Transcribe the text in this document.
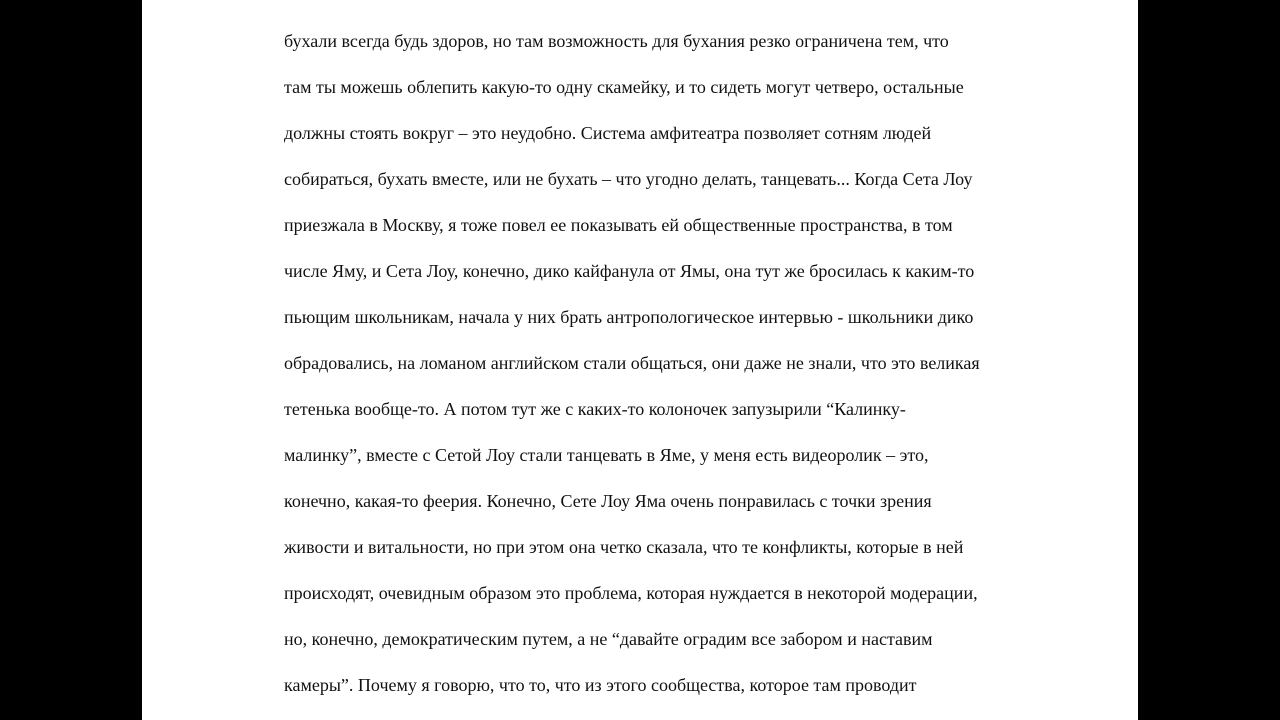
бухали всегда будь здоров, но там возможность для бухания резко ограничена тем, что
там ты можешь облепить какую-то одну скамейку, и то сидеть могут четверо, остальные
должны стоять вокруг – это неудобно. Система амфитеатра позволяет сотням людей
собираться, бухать вместе, или не бухать – что угодно делать, танцевать... Когда Сета Лоу
приезжала в Москву, я тоже повел ее показывать ей общественные пространства, в том
числе Яму, и Сета Лоу, конечно, дико кайфанула от Ямы, она тут же бросилась к каким-то
пьющим школьникам, начала у них брать антропологическое интервью - школьники дико
обрадовались, на ломаном английском стали общаться, они даже не знали, что это великая
тетенька вообще-то. А потом тут же с каких-то колоночек запузырили “Калинку-
малинку”, вместе с Сетой Лоу стали танцевать в Яме, у меня есть видеоролик – это,
конечно, какая-то феерия. Конечно, Сете Лоу Яма очень понравилась с точки зрения
живости и витальности, но при этом она четко сказала, что те конфликты, которые в ней
происходят, очевидным образом это проблема, которая нуждается в некоторой модерации,
но, конечно, демократическим путем, а не “давайте оградим все забором и наставим
камеры”. Почему я говорю, что то, что из этого сообщества, которое там проводит
